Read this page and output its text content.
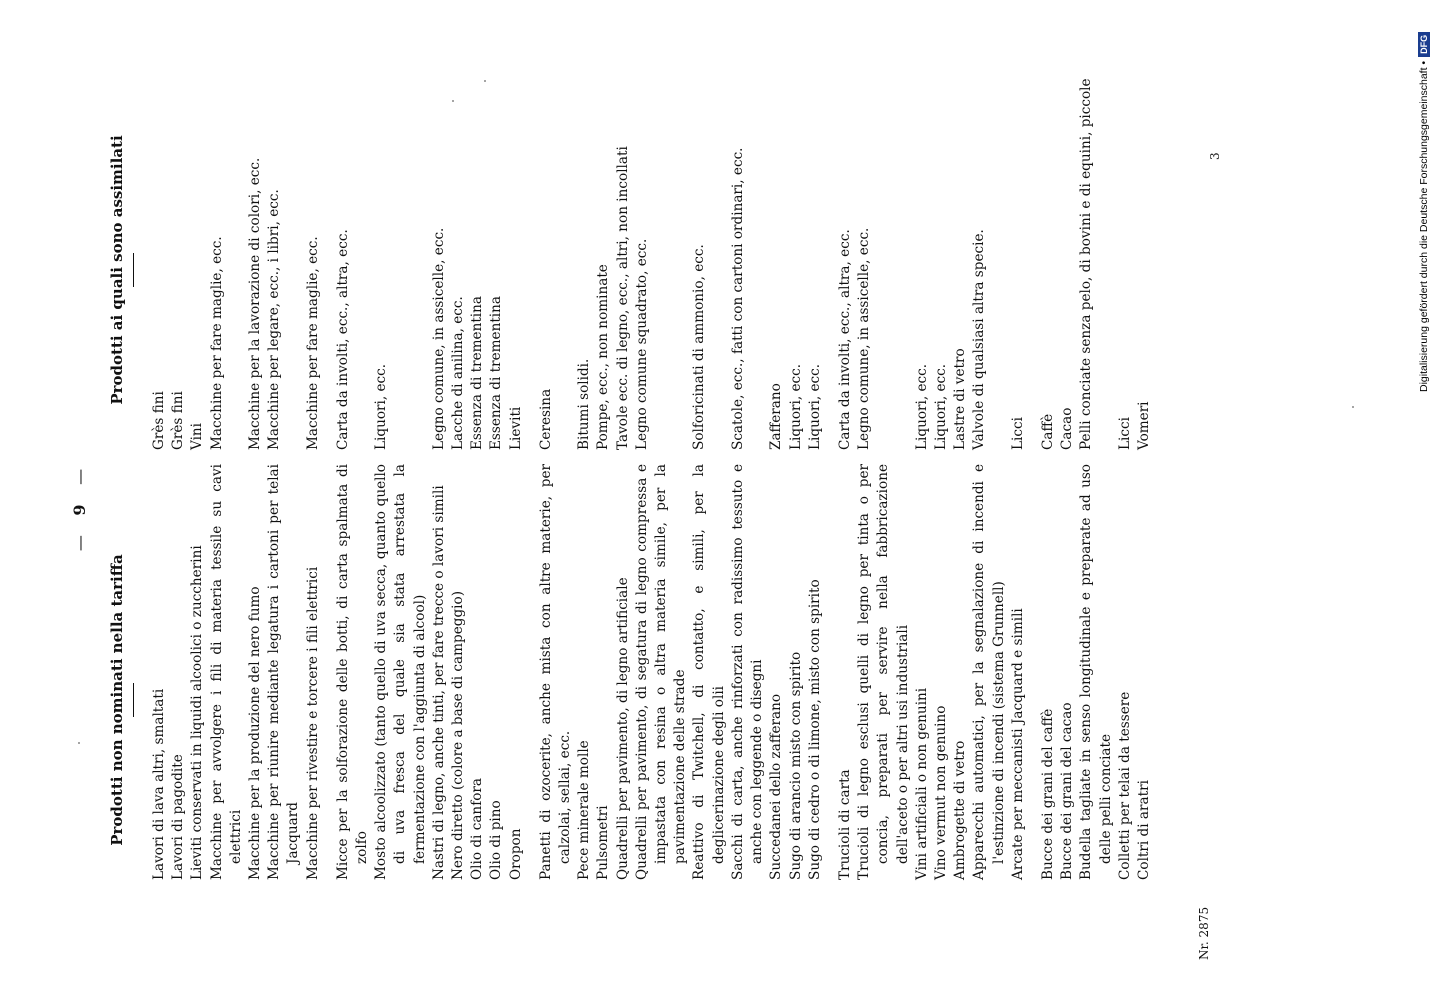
— 9 —
Prodotti non nominati nella tariffa
Prodotti ai quali sono assimilati
Lavori di lava altri, smaltati
Grès fini
Lavori di pagodite
Grès fini
Lieviti conservati in liquidi alcoolici o zuccherini
Vini
Macchine per avvolgere i fili di materia tessile su cavi elettrici
Macchine per fare maglie, ecc.
Macchine per la produzione del nero fumo
Macchine per la lavorazione di colori, ecc.
Macchine per riunire mediante legatura i cartoni per telai Jacquard
Macchine per legare, ecc., i libri, ecc.
Macchine per rivestire e torcere i fili elettrici
Macchine per fare maglie, ecc.
Micce per la solforazione delle botti, di carta spalmata di zolfo
Carta da involti, ecc., altra, ecc.
Mosto alcoolizzato (tanto quello di uva secca, quanto quello di uva fresca del quale sia stata arrestata la fermentazione con l'aggiunta di alcool)
Liquori, ecc.
Nastri di legno, anche tinti, per fare trecce o lavori simili
Legno comune, in assicelle, ecc.
Nero diretto (colore a base di campeggio)
Lacche di anilina, ecc.
Olio di canfora
Essenza di trementina
Olio di pino
Essenza di trementina
Oropon
Lieviti
Panetti di ozocerite, anche mista con altre materie, per calzolai, sellai, ecc.
Ceresina
Pece minerale molle
Bitumi solidi.
Pulsometri
Pompe, ecc., non nominate
Quadrelli per pavimento, di legno artificiale
Tavole ecc. di legno, ecc., altri, non incollati
Quadrelli per pavimento, di segatura di legno compressa e impastata con resina o altra materia simile, per la pavimentazione delle strade
Legno comune squadrato, ecc.
Reattivo di Twitchell, di contatto, e simili, per la deglicerinazione degli olii
Solforicinati di ammonio, ecc.
Sacchi di carta, anche rinforzati con radissimo tessuto e anche con leggende o disegni
Scatole, ecc., fatti con cartoni ordinari, ecc.
Succedanei dello zafferano
Zafferano
Sugo di arancio misto con spirito
Liquori, ecc.
Sugo di cedro o di limone, misto con spirito
Liquori, ecc.
Trucioli di carta
Carta da involti, ecc., altra, ecc.
Trucioli di legno esclusi quelli di legno per tinta o per concia, preparati per servire nella fabbricazione dell'aceto o per altri usi industriali
Legno comune, in assicelle, ecc.
Vini artificiali o non genuini
Liquori, ecc.
Vino vermut non genuino
Liquori, ecc.
Ambrogette di vetro
Lastre di vetro
Apparecchi automatici, per la segnalazione di incendi e l'estinzione di incendi (sistema Grunnell)
Valvole di qualsiasi altra specie.
Arcate per meccanisti Jacquard e simili
Licci
Bucce dei grani del caffè
Caffè
Bucce dei grani del cacao
Cacao
Budella tagliate in senso longitudinale e preparate ad uso delle pelli conciate
Pelli conciate senza pelo, di bovini e di equini, piccole
Colletti per telai da tessere
Licci
Coltri di aratri
Vomeri
Nr. 2875
3	Digitalisierung gefördert durch die Deutsche Forschungsgemeinschaft •
DFG
